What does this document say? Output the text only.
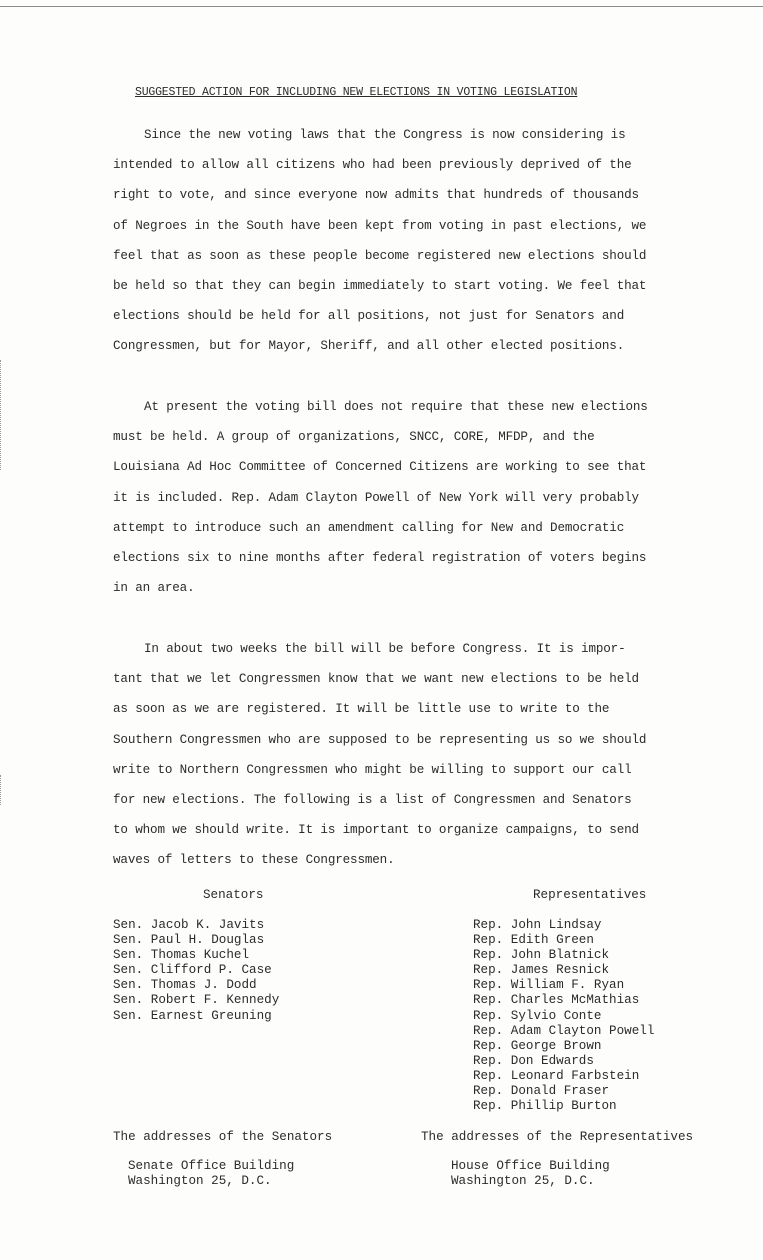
SUGGESTED ACTION FOR INCLUDING NEW ELECTIONS IN VOTING LEGISLATION
Since the new voting laws that the Congress is now considering is
intended to allow all citizens who had been previously deprived of the
right to vote, and since everyone now admits that hundreds of thousands
of Negroes in the South have been kept from voting in past elections, we
feel that as soon as these people become registered new elections should
be held so that they can begin immediately to start voting. We feel that
elections should be held for all positions, not just for Senators and
Congressmen, but for Mayor, Sheriff, and all other elected positions.
At present the voting bill does not require that these new elections
must be held. A group of organizations, SNCC, CORE, MFDP, and the
Louisiana Ad Hoc Committee of Concerned Citizens are working to see that
it is included. Rep. Adam Clayton Powell of New York will very probably
attempt to introduce such an amendment calling for New and Democratic
elections six to nine months after federal registration of voters begins
in an area.
In about two weeks the bill will be before Congress. It is impor-
tant that we let Congressmen know that we want new elections to be held
as soon as we are registered. It will be little use to write to the
Southern Congressmen who are supposed to be representing us so we should
write to Northern Congressmen who might be willing to support our call
for new elections. The following is a list of Congressmen and Senators
to whom we should write. It is important to organize campaigns, to send
waves of letters to these Congressmen.
Senators	Representatives
Sen. Jacob K. Javits
Sen. Paul H. Douglas
Sen. Thomas Kuchel
Sen. Clifford P. Case
Sen. Thomas J. Dodd
Sen. Robert F. Kennedy
Sen. Earnest Greuning
Rep. John Lindsay
Rep. Edith Green
Rep. John Blatnick
Rep. James Resnick
Rep. William F. Ryan
Rep. Charles McMathias
Rep. Sylvio Conte
Rep. Adam Clayton Powell
Rep. George Brown
Rep. Don Edwards
Rep. Leonard Farbstein
Rep. Donald Fraser
Rep. Phillip Burton
The addresses of the Senators
Senate Office Building
Washington 25, D.C.
The addresses of the Representatives
House Office Building
Washington 25, D.C.
